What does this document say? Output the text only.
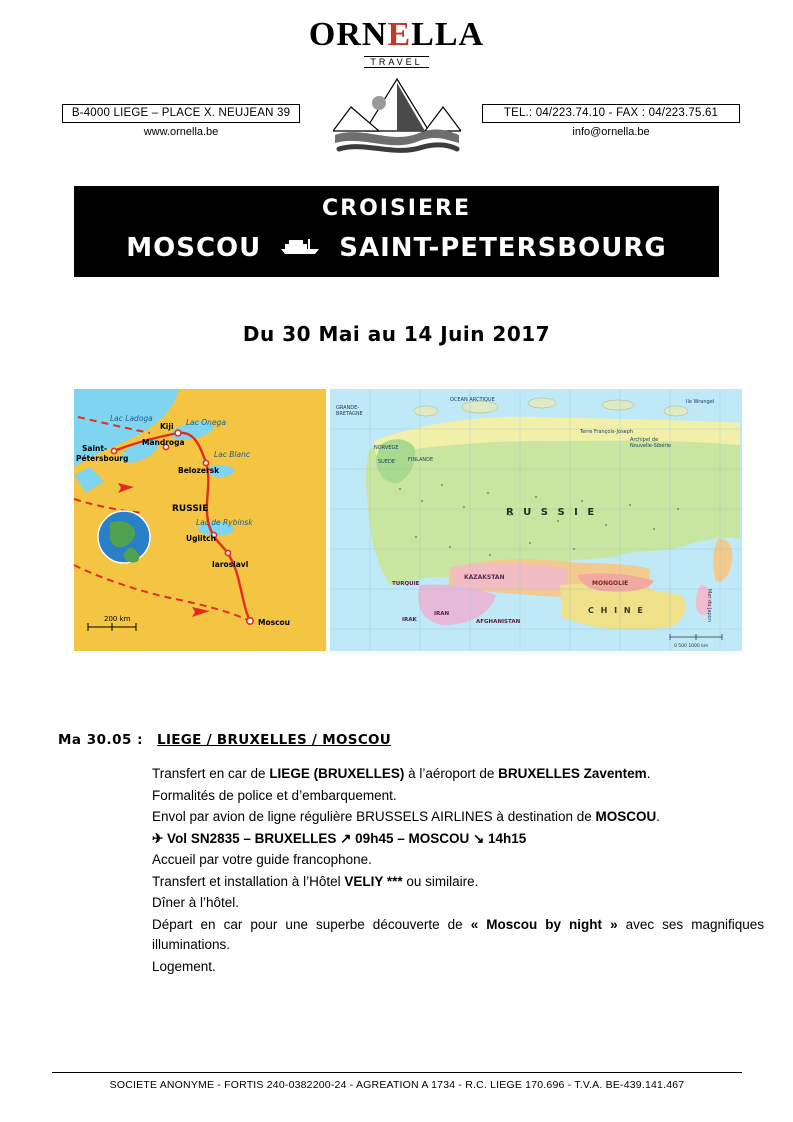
ORNELLA
TRAVEL
B-4000 LIEGE – PLACE X. NEUJEAN 39
www.ornella.be
TEL.: 04/223.74.10 - FAX : 04/223.75.61
info@ornella.be
CROISIERE
MOSCOU	SAINT-PETERSBOURG
Du 30 Mai au 14 Juin 2017
200 km
Kiji Lac Onega
Lac Ladoga
Saint-
Pétersbourg
Mandroga
Lac Blanc
Belozersk
RUSSIE
Lac de Rybinsk
Uglitch
Iaroslavl
Moscou
GRANDE-
BRETAGNE
OCEAN ARCTIQUE
NORVEGE
SUEDE	FINLANDE
Ile Wrangel
Terre François-Joseph
Archipel de
Nouvelle-Sibérie
R U S S I E
KAZAKSTAN
MONGOLIE
C H I N E
TURQUIE
IRAN
IRAK	AFGHANISTAN
Mer du Japon
0 500 1000 km
Ma 30.05 : LIEGE / BRUXELLES / MOSCOU

Transfert en car de LIEGE (BRUXELLES) à l’aéroport de BRUXELLES Zaventem.

Formalités de police et d’embarquement.

Envol par avion de ligne régulière BRUSSELS AIRLINES à destination de MOSCOU.

✈ Vol SN2835 – BRUXELLES ↗ 09h45 – MOSCOU ↘ 14h15

Accueil par votre guide francophone.

Transfert et installation à l’Hôtel VELIY *** ou similaire.

Dîner à l’hôtel.

Départ en car pour une superbe découverte de « Moscou by night » avec ses magnifiques illuminations.

Logement.

SOCIETE ANONYME - FORTIS 240-0382200-24 - AGREATION A 1734 - R.C. LIEGE 170.696 - T.V.A. BE-439.141.467
